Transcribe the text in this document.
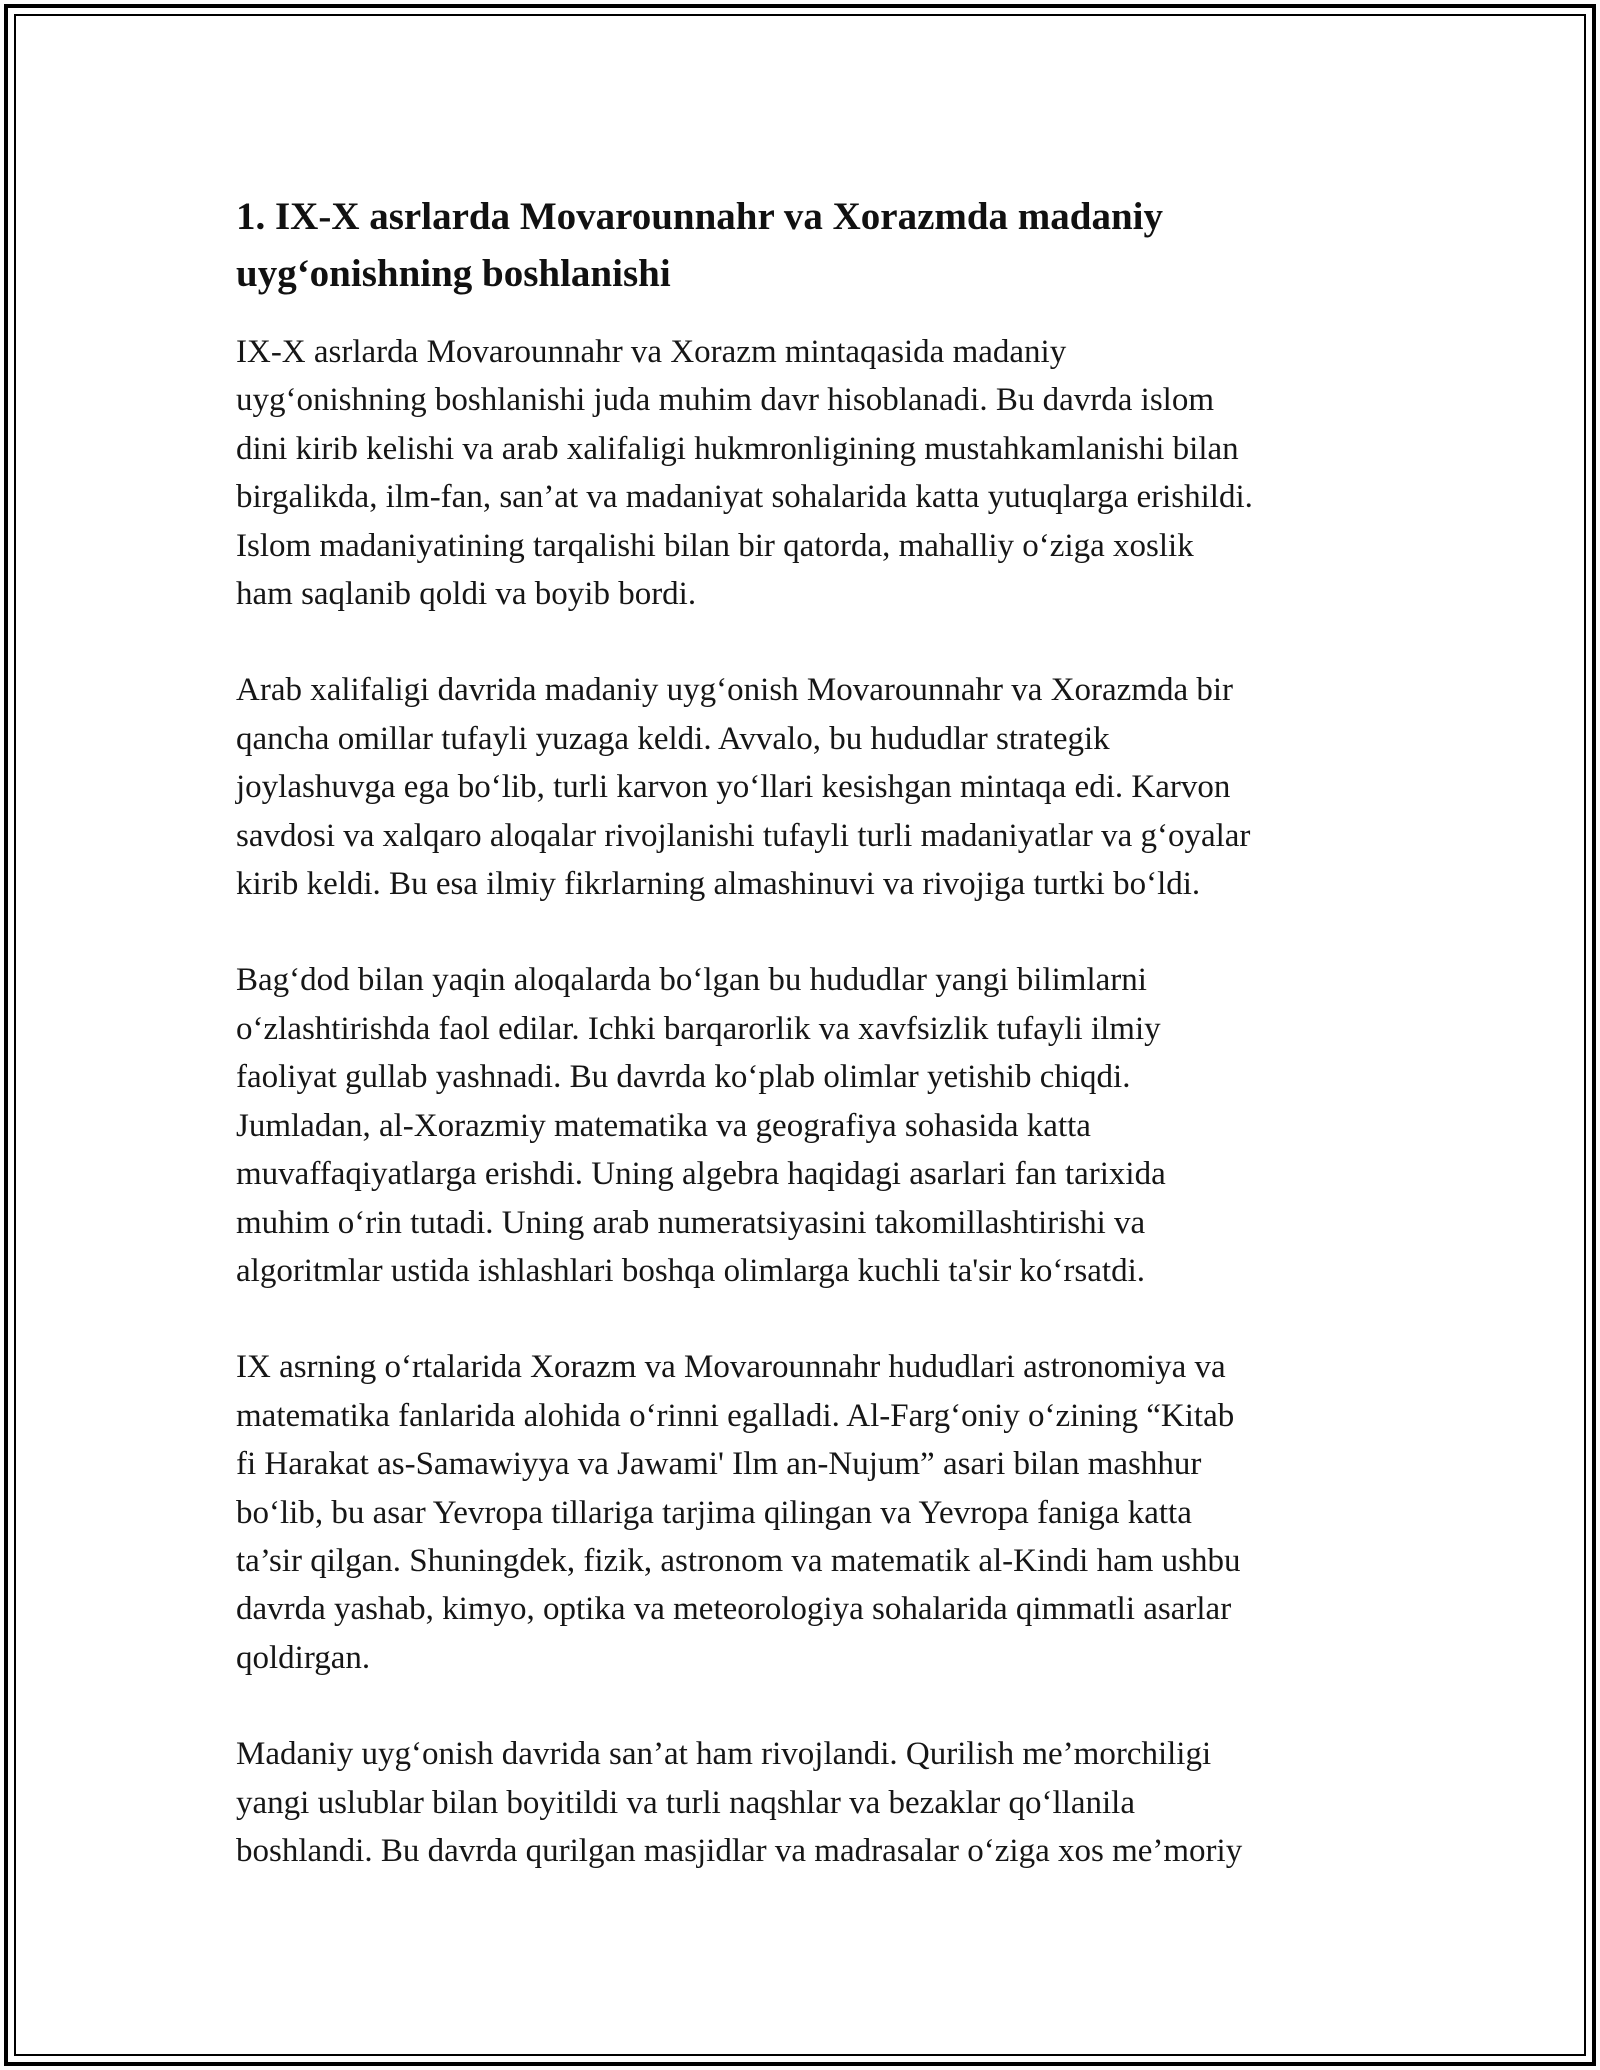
1. IX-X asrlarda Movarounnahr va Xorazmda madaniy
uyg‘onishning boshlanishi

IX-X asrlarda Movarounnahr va Xorazm mintaqasida madaniy
uyg‘onishning boshlanishi juda muhim davr hisoblanadi. Bu davrda islom
dini kirib kelishi va arab xalifaligi hukmronligining mustahkamlanishi bilan
birgalikda, ilm-fan, san’at va madaniyat sohalarida katta yutuqlarga erishildi.
Islom madaniyatining tarqalishi bilan bir qatorda, mahalliy o‘ziga xoslik
ham saqlanib qoldi va boyib bordi.

Arab xalifaligi davrida madaniy uyg‘onish Movarounnahr va Xorazmda bir
qancha omillar tufayli yuzaga keldi. Avvalo, bu hududlar strategik
joylashuvga ega bo‘lib, turli karvon yo‘llari kesishgan mintaqa edi. Karvon
savdosi va xalqaro aloqalar rivojlanishi tufayli turli madaniyatlar va g‘oyalar
kirib keldi. Bu esa ilmiy fikrlarning almashinuvi va rivojiga turtki bo‘ldi.

Bag‘dod bilan yaqin aloqalarda bo‘lgan bu hududlar yangi bilimlarni
o‘zlashtirishda faol edilar. Ichki barqarorlik va xavfsizlik tufayli ilmiy
faoliyat gullab yashnadi. Bu davrda ko‘plab olimlar yetishib chiqdi.
Jumladan, al-Xorazmiy matematika va geografiya sohasida katta
muvaffaqiyatlarga erishdi. Uning algebra haqidagi asarlari fan tarixida
muhim o‘rin tutadi. Uning arab numeratsiyasini takomillashtirishi va
algoritmlar ustida ishlashlari boshqa olimlarga kuchli ta'sir ko‘rsatdi.

IX asrning o‘rtalarida Xorazm va Movarounnahr hududlari astronomiya va
matematika fanlarida alohida o‘rinni egalladi. Al-Farg‘oniy o‘zining “Kitab
fi Harakat as-Samawiyya va Jawami' Ilm an-Nujum” asari bilan mashhur
bo‘lib, bu asar Yevropa tillariga tarjima qilingan va Yevropa faniga katta
ta’sir qilgan. Shuningdek, fizik, astronom va matematik al-Kindi ham ushbu
davrda yashab, kimyo, optika va meteorologiya sohalarida qimmatli asarlar
qoldirgan.

Madaniy uyg‘onish davrida san’at ham rivojlandi. Qurilish me’morchiligi
yangi uslublar bilan boyitildi va turli naqshlar va bezaklar qo‘llanila
boshlandi. Bu davrda qurilgan masjidlar va madrasalar o‘ziga xos me’moriy
